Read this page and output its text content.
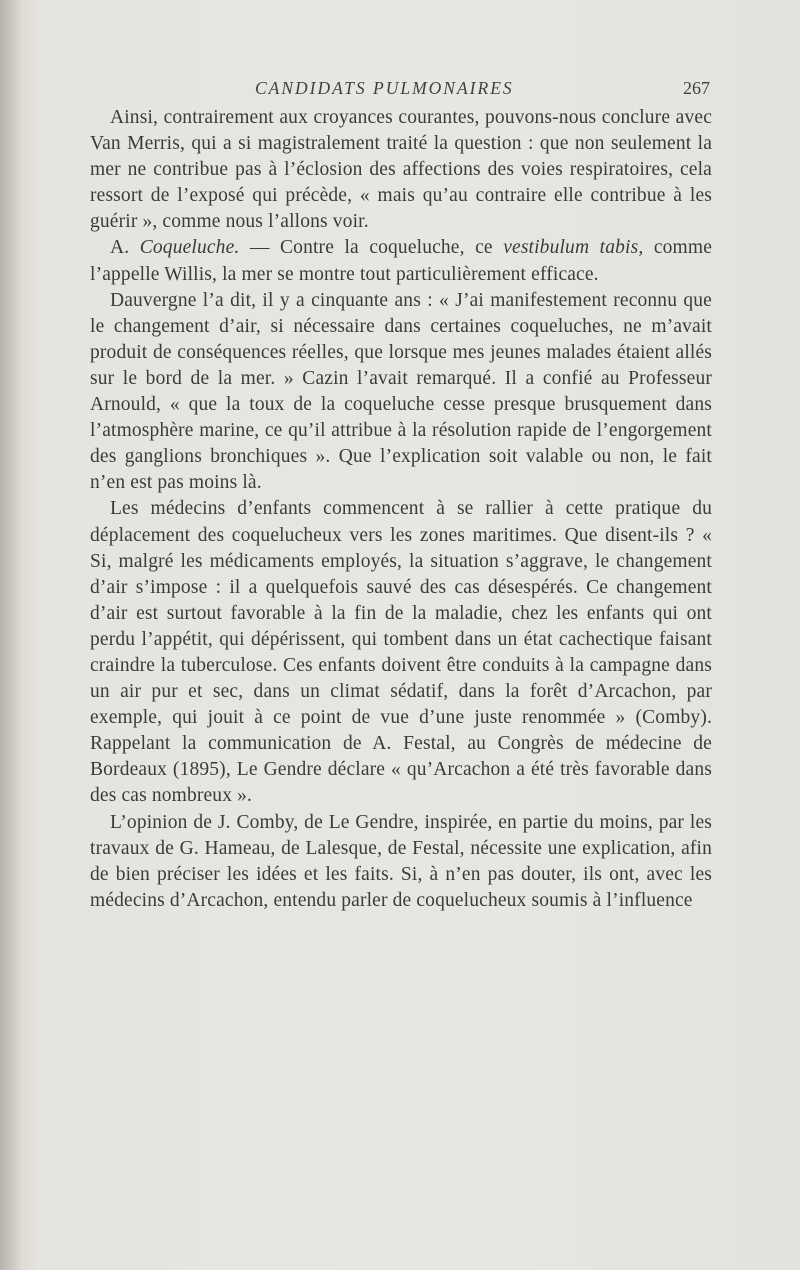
CANDIDATS PULMONAIRES	267

Ainsi, contrairement aux croyances courantes, pouvons-nous conclure avec Van Merris, qui a si magistralement traité la question : que non seulement la mer ne contribue pas à l’éclosion des affections des voies respiratoires, cela ressort de l’exposé qui précède, « mais qu’au contraire elle contribue à les guérir », comme nous l’allons voir.

A. Coqueluche. — Contre la coqueluche, ce vestibulum tabis, comme l’appelle Willis, la mer se montre tout particulièrement efficace.

Dauvergne l’a dit, il y a cinquante ans : « J’ai manifestement reconnu que le changement d’air, si nécessaire dans certaines coqueluches, ne m’avait produit de conséquences réelles, que lorsque mes jeunes malades étaient allés sur le bord de la mer. » Cazin l’avait remarqué. Il a confié au Professeur Arnould, « que la toux de la coqueluche cesse presque brusquement dans l’atmosphère marine, ce qu’il attribue à la résolution rapide de l’engorgement des ganglions bronchiques ». Que l’explication soit valable ou non, le fait n’en est pas moins là.

Les médecins d’enfants commencent à se rallier à cette pratique du déplacement des coquelucheux vers les zones maritimes. Que disent-ils ? « Si, malgré les médicaments employés, la situation s’aggrave, le changement d’air s’impose : il a quelquefois sauvé des cas désespérés. Ce changement d’air est surtout favorable à la fin de la maladie, chez les enfants qui ont perdu l’appétit, qui dépérissent, qui tombent dans un état cachectique faisant craindre la tuberculose. Ces enfants doivent être conduits à la campagne dans un air pur et sec, dans un climat sédatif, dans la forêt d’Arcachon, par exemple, qui jouit à ce point de vue d’une juste renommée » (Comby). Rappelant la communication de A. Festal, au Congrès de médecine de Bordeaux (1895), Le Gendre déclare « qu’Arcachon a été très favorable dans des cas nombreux ».

L’opinion de J. Comby, de Le Gendre, inspirée, en partie du moins, par les travaux de G. Hameau, de Lalesque, de Festal, nécessite une explication, afin de bien préciser les idées et les faits. Si, à n’en pas douter, ils ont, avec les médecins d’Arcachon, entendu parler de coquelucheux soumis à l’influence
